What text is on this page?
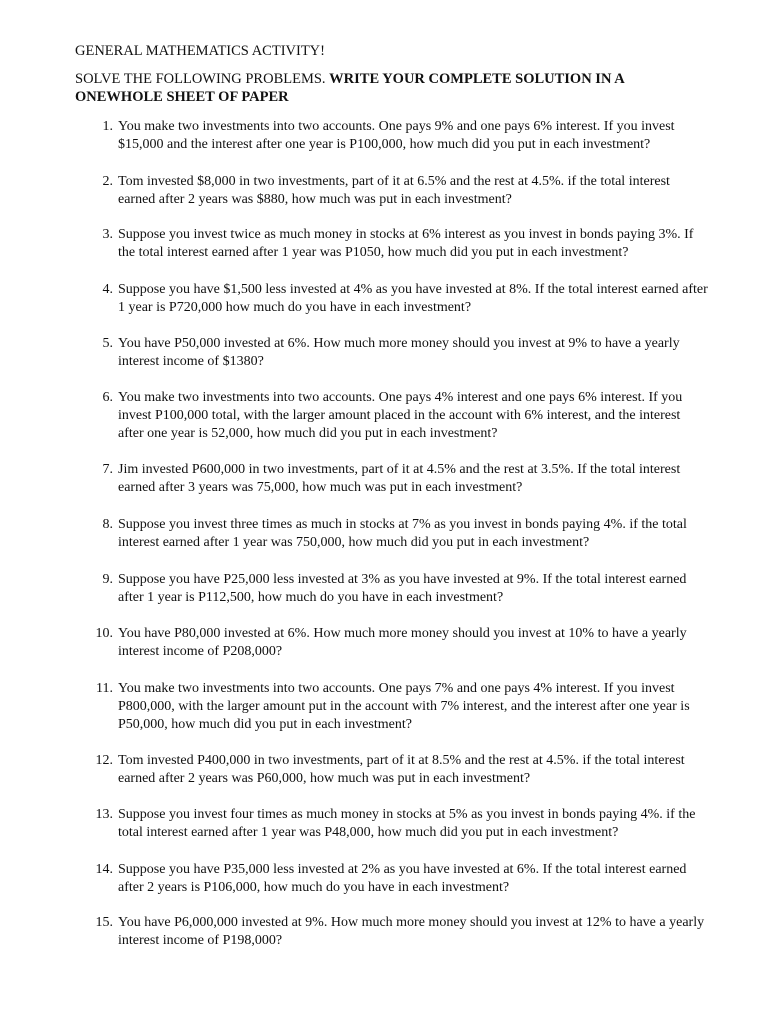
GENERAL MATHEMATICS ACTIVITY!

SOLVE THE FOLLOWING PROBLEMS. WRITE YOUR COMPLETE SOLUTION IN A ONEWHOLE SHEET OF PAPER

1. You make two investments into two accounts. One pays 9% and one pays 6% interest. If you invest $15,000 and the interest after one year is P100,000, how much did you put in each investment?
2. Tom invested $8,000 in two investments, part of it at 6.5% and the rest at 4.5%. if the total interest earned after 2 years was $880, how much was put in each investment?
3. Suppose you invest twice as much money in stocks at 6% interest as you invest in bonds paying 3%. If the total interest earned after 1 year was P1050, how much did you put in each investment?
4. Suppose you have $1,500 less invested at 4% as you have invested at 8%. If the total interest earned after 1 year is P720,000 how much do you have in each investment?
5. You have P50,000 invested at 6%. How much more money should you invest at 9% to have a yearly interest income of $1380?
6. You make two investments into two accounts. One pays 4% interest and one pays 6% interest. If you invest P100,000 total, with the larger amount placed in the account with 6% interest, and the interest after one year is 52,000, how much did you put in each investment?
7. Jim invested P600,000 in two investments, part of it at 4.5% and the rest at 3.5%. If the total interest earned after 3 years was 75,000, how much was put in each investment?
8. Suppose you invest three times as much in stocks at 7% as you invest in bonds paying 4%. if the total interest earned after 1 year was 750,000, how much did you put in each investment?
9. Suppose you have P25,000 less invested at 3% as you have invested at 9%. If the total interest earned after 1 year is P112,500, how much do you have in each investment?
10. You have P80,000 invested at 6%. How much more money should you invest at 10% to have a yearly interest income of P208,000?
11. You make two investments into two accounts. One pays 7% and one pays 4% interest. If you invest P800,000, with the larger amount put in the account with 7% interest, and the interest after one year is P50,000, how much did you put in each investment?
12. Tom invested P400,000 in two investments, part of it at 8.5% and the rest at 4.5%. if the total interest earned after 2 years was P60,000, how much was put in each investment?
13. Suppose you invest four times as much money in stocks at 5% as you invest in bonds paying 4%. if the total interest earned after 1 year was P48,000, how much did you put in each investment?
14. Suppose you have P35,000 less invested at 2% as you have invested at 6%. If the total interest earned after 2 years is P106,000, how much do you have in each investment?
15. You have P6,000,000 invested at 9%. How much more money should you invest at 12% to have a yearly interest income of P198,000?
